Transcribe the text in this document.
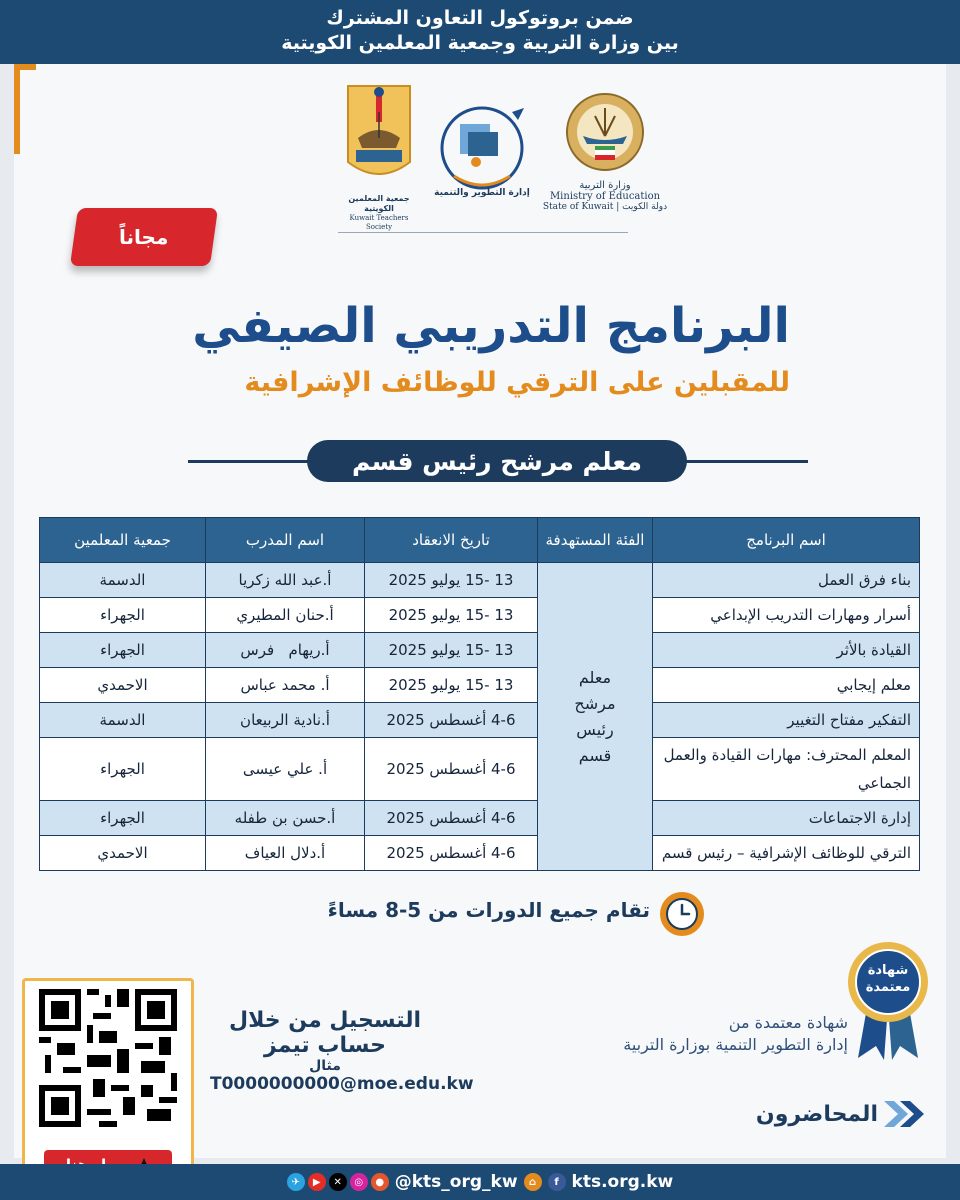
ضمن بروتوكول التعاون المشترك
بين وزارة التربية وجمعية المعلمين الكويتية
جمعية المعلمين الكويتية
Kuwait Teachers Society
إدارة التطوير والتنمية
وزارة التربية
Ministry of Education
State of Kuwait | دولة الكويت
مجاناً
البرنامج التدريبي الصيفي
للمقبلين على الترقي للوظائف الإشرافية
معلم مرشح رئيس قسم
اسم البرنامج	الفئة المستهدفة	تاريخ الانعقاد	اسم المدرب	جمعية المعلمين
بناء فرق العمل	معلم مرشح رئيس قسم	13 -15 يوليو 2025	أ.عبد الله زكريا	الدسمة
أسرار ومهارات التدريب الإبداعي		13 -15 يوليو 2025	أ.حنان المطيري	الجهراء
القيادة بالأثر		13 -15 يوليو 2025	أ.ريهام   فرس	الجهراء
معلم إيجابي		13 -15 يوليو 2025	أ. محمد عباس	الاحمدي
التفكير مفتاح التغيير		4-6 أغسطس 2025	أ.نادية الربيعان	الدسمة
المعلم المحترف: مهارات القيادة والعمل الجماعي		4-6 أغسطس 2025	أ. علي عيسى	الجهراء
إدارة الاجتماعات		4-6 أغسطس 2025	أ.حسن بن طفله	الجهراء
الترقي للوظائف الإشرافية – رئيس قسم		4-6 أغسطس 2025	أ.دلال العياف	الاحمدي
تقام جميع الدورات من 5-8 مساءً
التسجيل من خلال
حساب تيمز
مثال
T0000000000@moe.edu.kw
شهادة معتمدة من
إدارة التطوير التنمية بوزارة التربية
شهادة معتمدة
المحاضرون
✈	▶	✕	◎	● @kts_org_kw	⌂	f kts.org.kw
